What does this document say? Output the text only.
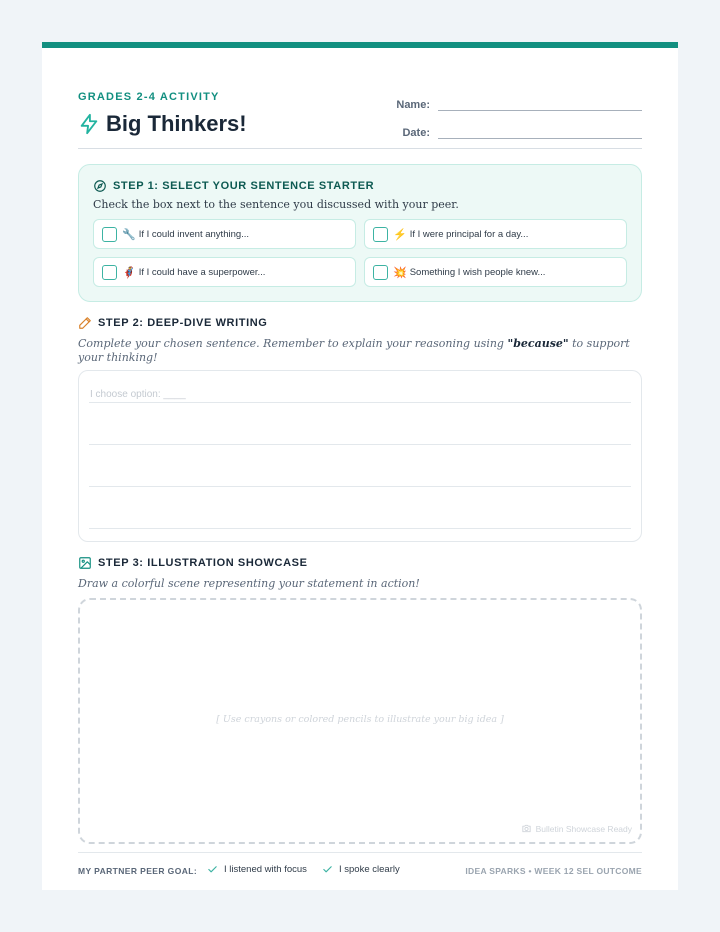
GRADES 2-4 ACTIVITY
Big Thinkers!
Name:
Date:
STEP 1: SELECT YOUR SENTENCE STARTER
Check the box next to the sentence you discussed with your peer.
🔧 If I could invent anything...	⚡ If I were principal for a day...
🦸 If I could have a superpower...	💥 Something I wish people knew...
STEP 2: DEEP-DIVE WRITING
Complete your chosen sentence. Remember to explain your reasoning using "because" to support your thinking!
I choose option: ____
STEP 3: ILLUSTRATION SHOWCASE
Draw a colorful scene representing your statement in action!
[ Use crayons or colored pencils to illustrate your big idea ]
Bulletin Showcase Ready
MY PARTNER PEER GOAL:	I listened with focus	I spoke clearly	IDEA SPARKS • WEEK 12 SEL OUTCOME
